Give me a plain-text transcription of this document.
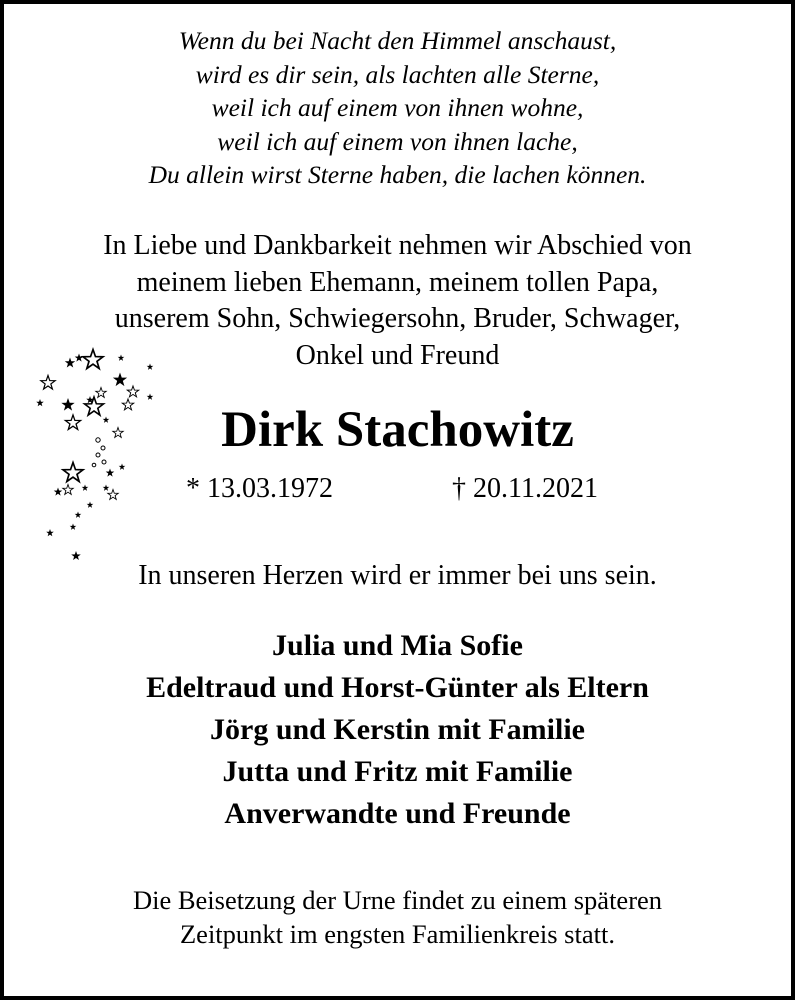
Wenn du bei Nacht den Himmel anschaust,
wird es dir sein, als lachten alle Sterne,
weil ich auf einem von ihnen wohne,
weil ich auf einem von ihnen lache,
Du allein wirst Sterne haben, die lachen können.
In Liebe und Dankbarkeit nehmen wir Abschied von
meinem lieben Ehemann, meinem tollen Papa,
unserem Sohn, Schwiegersohn, Bruder, Schwager,
Onkel und Freund
Dirk Stachowitz
* 13.03.1972	† 20.11.2021
In unseren Herzen wird er immer bei uns sein.
Julia und Mia Sofie
Edeltraud und Horst-Günter als Eltern
Jörg und Kerstin mit Familie
Jutta und Fritz mit Familie
Anverwandte und Freunde
Die Beisetzung der Urne findet zu einem späteren
Zeitpunkt im engsten Familienkreis statt.
